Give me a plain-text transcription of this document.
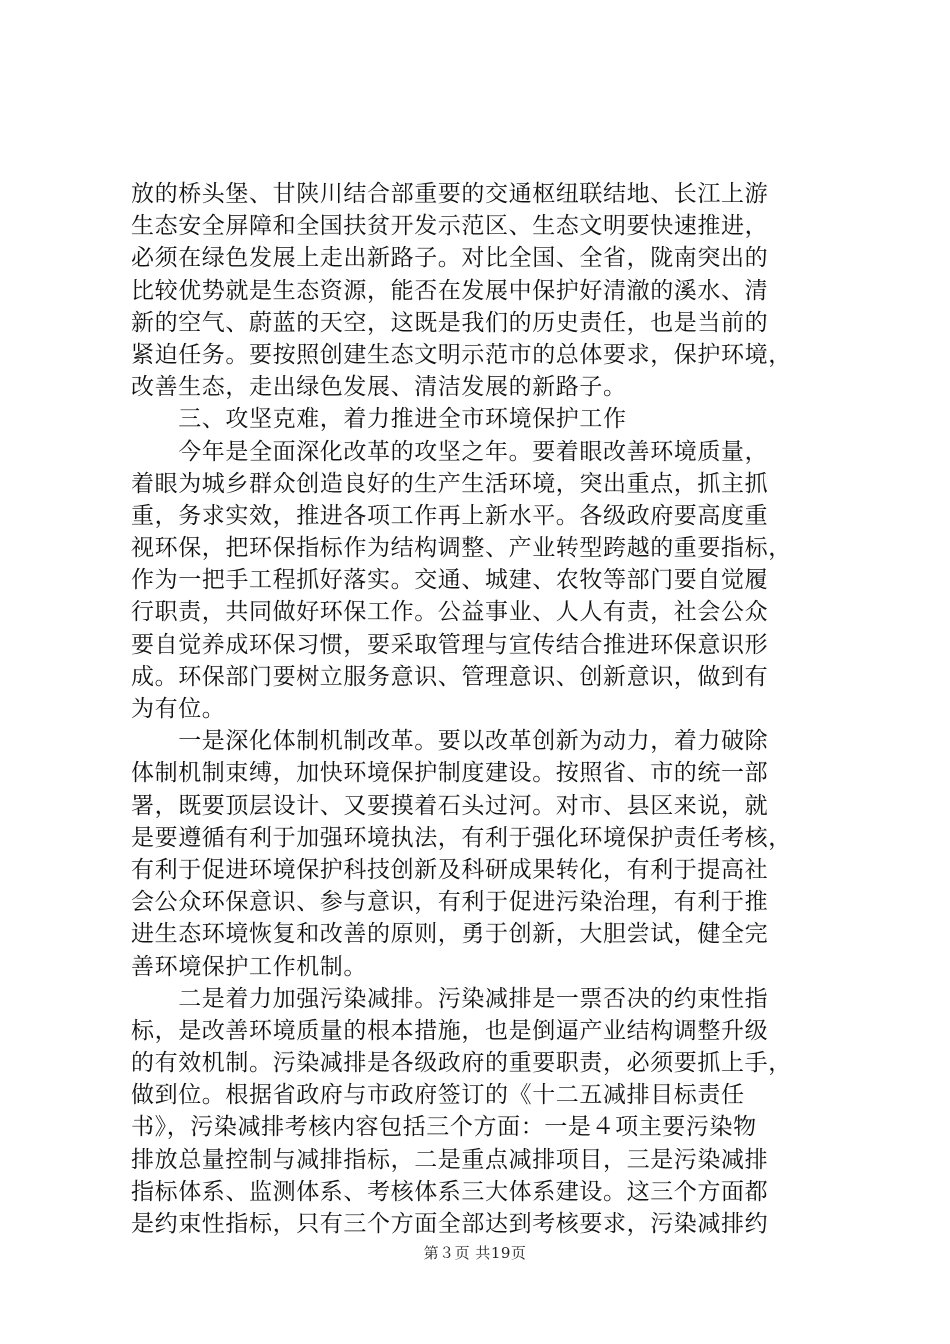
放的桥头堡、甘陕川结合部重要的交通枢纽联结地、长江上游
生态安全屏障和全国扶贫开发示范区、生态文明要快速推进，
必须在绿色发展上走出新路子。对比全国、全省，陇南突出的
比较优势就是生态资源，能否在发展中保护好清澈的溪水、清
新的空气、蔚蓝的天空，这既是我们的历史责任，也是当前的
紧迫任务。要按照创建生态文明示范市的总体要求，保护环境，
改善生态，走出绿色发展、清洁发展的新路子。
　　三、攻坚克难，着力推进全市环境保护工作
　　今年是全面深化改革的攻坚之年。要着眼改善环境质量，
着眼为城乡群众创造良好的生产生活环境，突出重点，抓主抓
重，务求实效，推进各项工作再上新水平。各级政府要高度重
视环保，把环保指标作为结构调整、产业转型跨越的重要指标，
作为一把手工程抓好落实。交通、城建、农牧等部门要自觉履
行职责，共同做好环保工作。公益事业、人人有责，社会公众
要自觉养成环保习惯，要采取管理与宣传结合推进环保意识形
成。环保部门要树立服务意识、管理意识、创新意识，做到有
为有位。
　　一是深化体制机制改革。要以改革创新为动力，着力破除
体制机制束缚，加快环境保护制度建设。按照省、市的统一部
署，既要顶层设计、又要摸着石头过河。对市、县区来说，就
是要遵循有利于加强环境执法，有利于强化环境保护责任考核，
有利于促进环境保护科技创新及科研成果转化，有利于提高社
会公众环保意识、参与意识，有利于促进污染治理，有利于推
进生态环境恢复和改善的原则，勇于创新，大胆尝试，健全完
善环境保护工作机制。
　　二是着力加强污染减排。污染减排是一票否决的约束性指
标，是改善环境质量的根本措施，也是倒逼产业结构调整升级
的有效机制。污染减排是各级政府的重要职责，必须要抓上手，
做到位。根据省政府与市政府签订的《十二五减排目标责任
书》，污染减排考核内容包括三个方面：一是４项主要污染物
排放总量控制与减排指标，二是重点减排项目，三是污染减排
指标体系、监测体系、考核体系三大体系建设。这三个方面都
是约束性指标，只有三个方面全部达到考核要求，污染减排约
第３页 共19页
